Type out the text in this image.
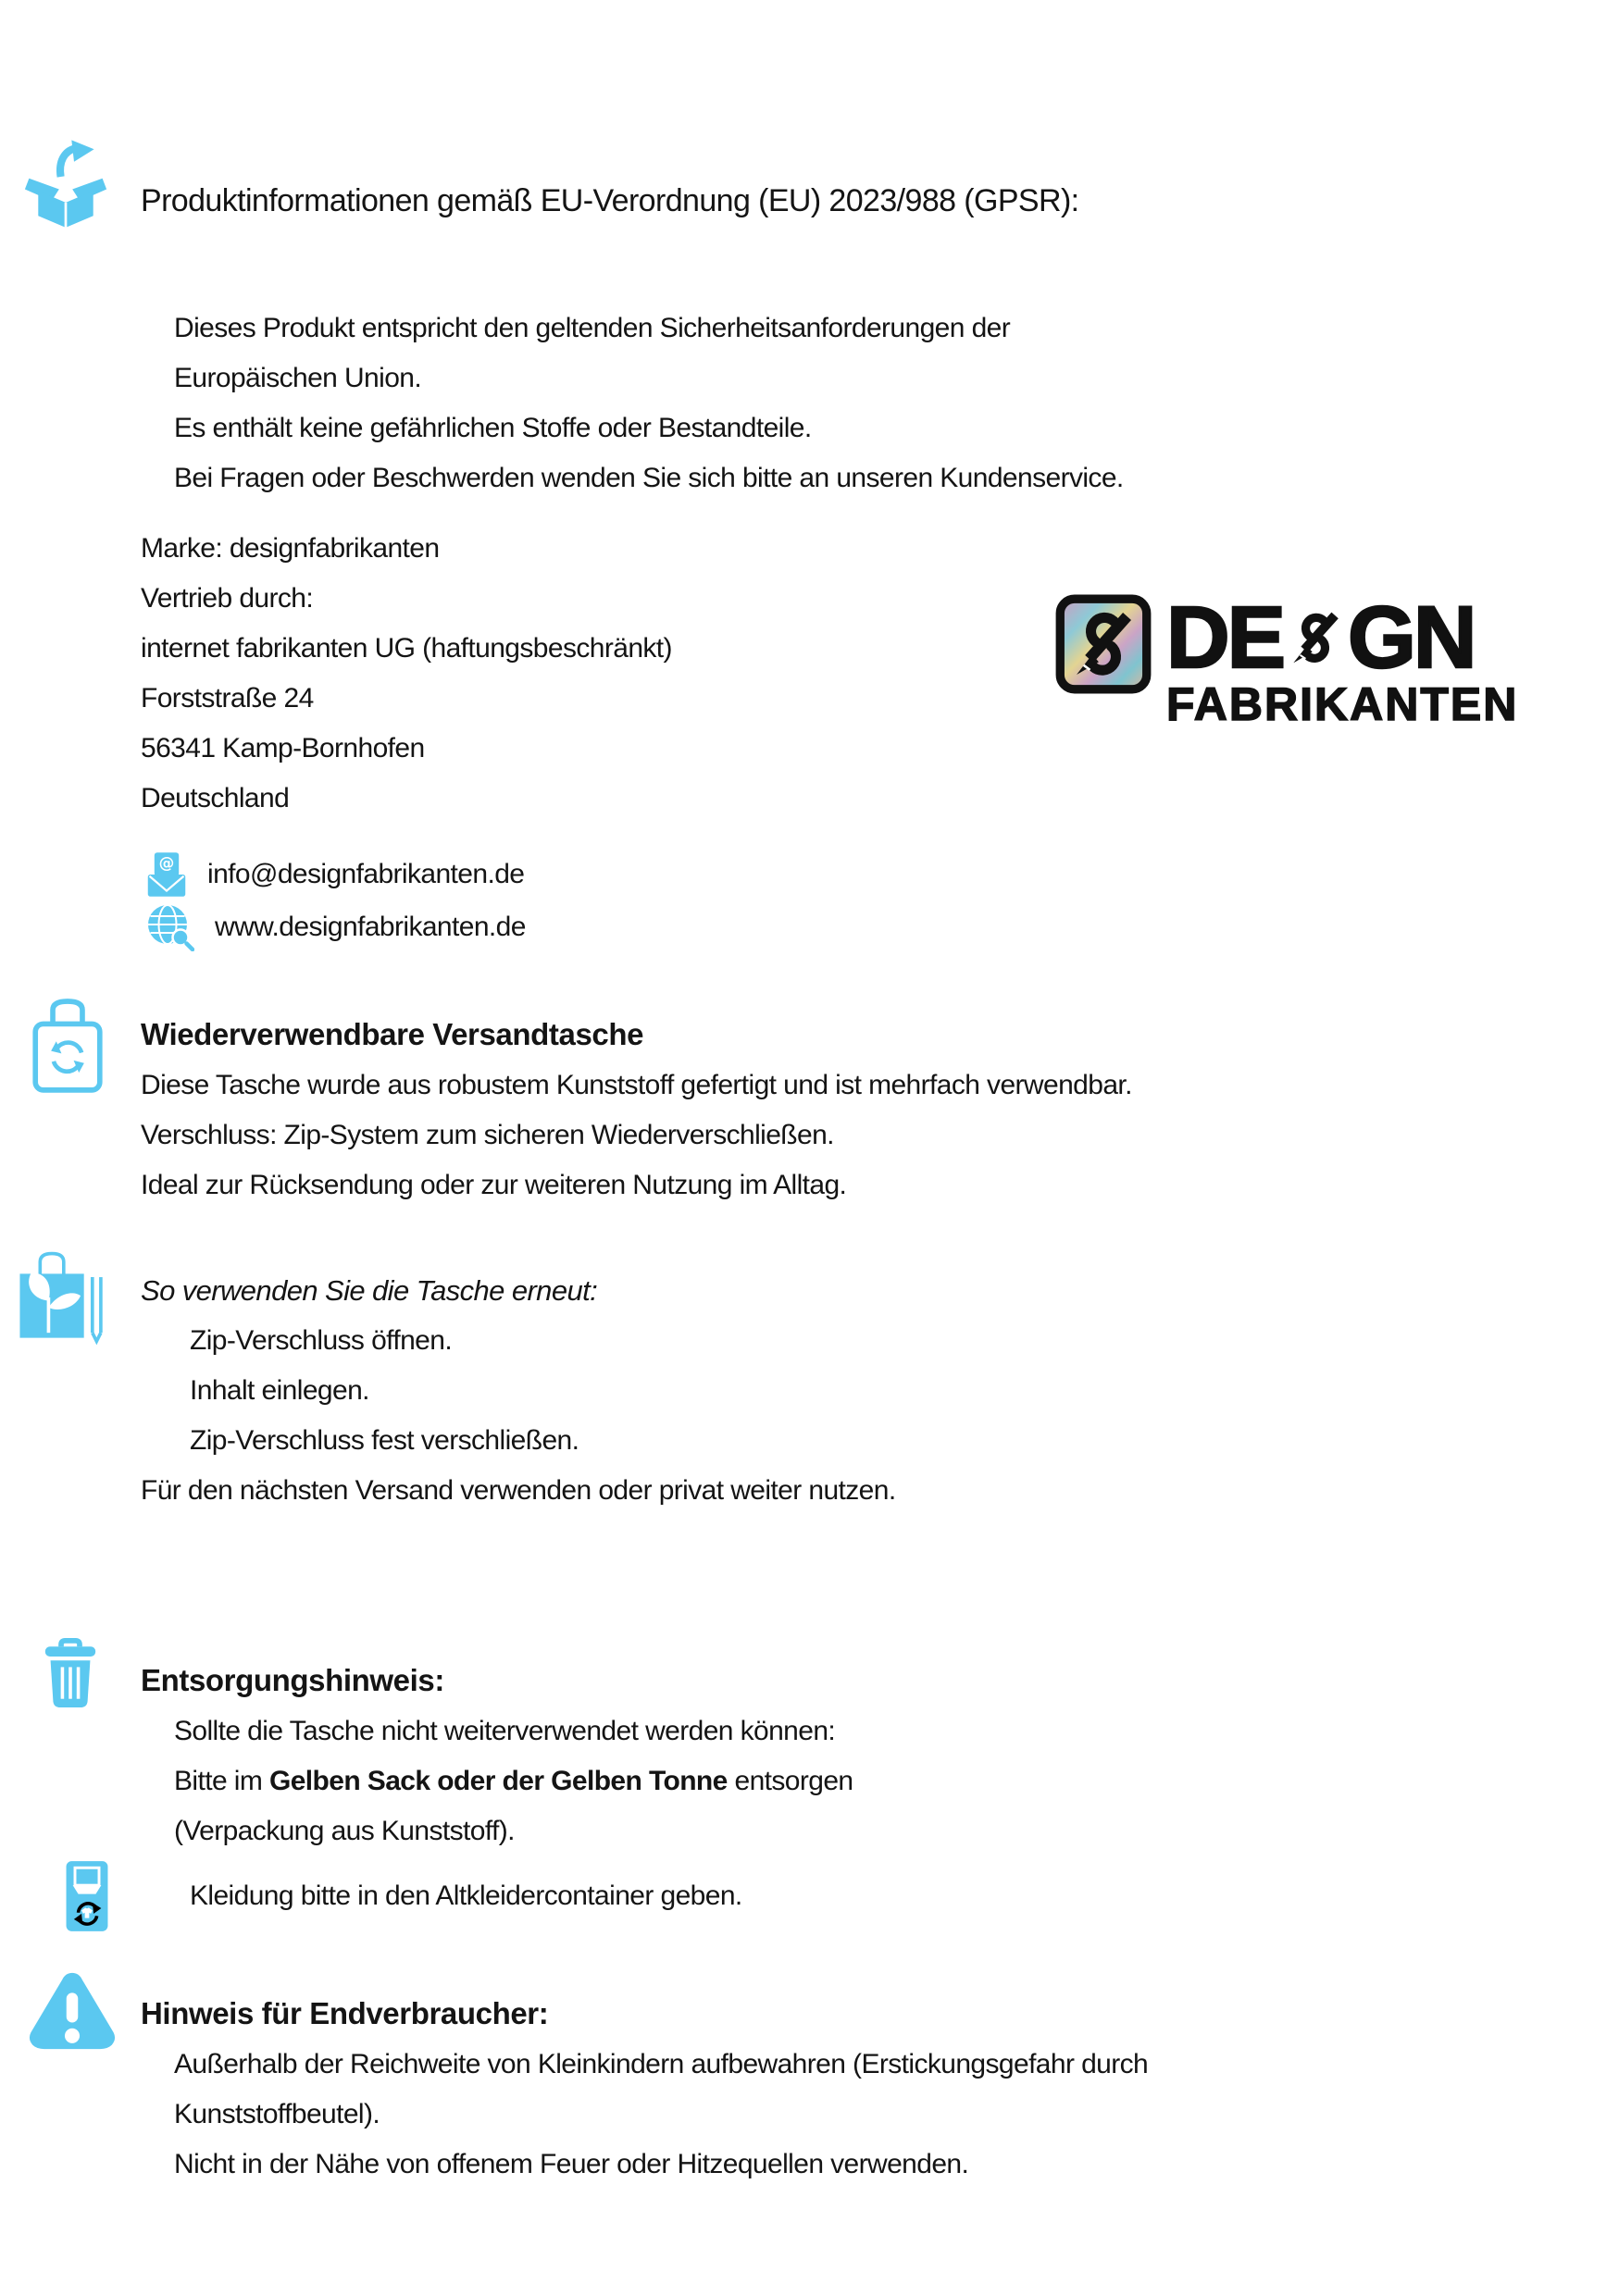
Produktinformationen gemäß EU-Verordnung (EU) 2023/988 (GPSR):
Dieses Produkt entspricht den geltenden Sicherheitsanforderungen der
Europäischen Union.
Es enthält keine gefährlichen Stoffe oder Bestandteile.
Bei Fragen oder Beschwerden wenden Sie sich bitte an unseren Kundenservice.
Marke: designfabrikanten
Vertrieb durch:
internet fabrikanten UG (haftungsbeschränkt)
Forststraße 24
56341 Kamp-Bornhofen
Deutschland
DE GN
FABRIKANTEN
@ info@designfabrikanten.de
www.designfabrikanten.de
Wiederverwendbare Versandtasche
Diese Tasche wurde aus robustem Kunststoff gefertigt und ist mehrfach verwendbar.
Verschluss: Zip-System zum sicheren Wiederverschließen.
Ideal zur Rücksendung oder zur weiteren Nutzung im Alltag.
So verwenden Sie die Tasche erneut:
Zip-Verschluss öffnen.
Inhalt einlegen.
Zip-Verschluss fest verschließen.
Für den nächsten Versand verwenden oder privat weiter nutzen.
Entsorgungshinweis:
Sollte die Tasche nicht weiterverwendet werden können:
Bitte im Gelben Sack oder der Gelben Tonne entsorgen
(Verpackung aus Kunststoff).
Kleidung bitte in den Altkleidercontainer geben.
Hinweis für Endverbraucher:
Außerhalb der Reichweite von Kleinkindern aufbewahren (Erstickungsgefahr durch
Kunststoffbeutel).
Nicht in der Nähe von offenem Feuer oder Hitzequellen verwenden.
